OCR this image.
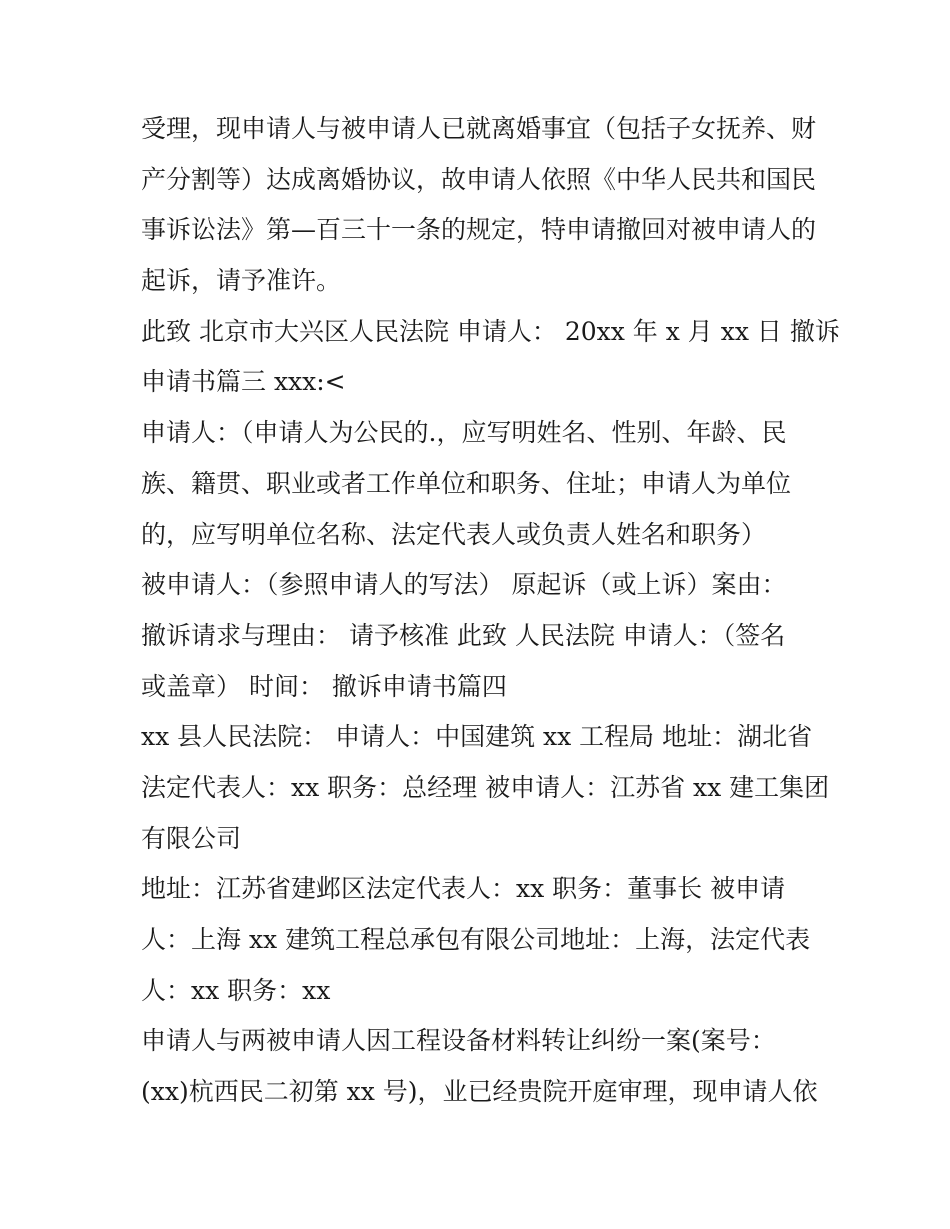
受理，现申请人与被申请人已就离婚事宜（包括子女抚养、财
产分割等）达成离婚协议，故申请人依照《中华人民共和国民
事诉讼法》第—百三十一条的规定，特申请撤回对被申请人的
起诉，请予准许。
此致 北京市大兴区人民法院 申请人： 20xx 年 x 月 xx 日 撤诉
申请书篇三 xxx:<
申请人：（申请人为公民的.，应写明姓名、性别、年龄、民
族、籍贯、职业或者工作单位和职务、住址；申请人为单位
的，应写明单位名称、法定代表人或负责人姓名和职务）
被申请人：（参照申请人的写法） 原起诉（或上诉）案由：
撤诉请求与理由： 请予核准 此致 人民法院 申请人：（签名
或盖章） 时间： 撤诉申请书篇四
xx 县人民法院： 申请人：中国建筑 xx 工程局 地址：湖北省
法定代表人：xx 职务：总经理 被申请人：江苏省 xx 建工集团
有限公司
地址：江苏省建邺区法定代表人：xx 职务：董事长 被申请
人：上海 xx 建筑工程总承包有限公司地址：上海，法定代表
人：xx 职务：xx
申请人与两被申请人因工程设备材料转让纠纷一案(案号：
(xx)杭西民二初第 xx 号)，业已经贵院开庭审理，现申请人依
